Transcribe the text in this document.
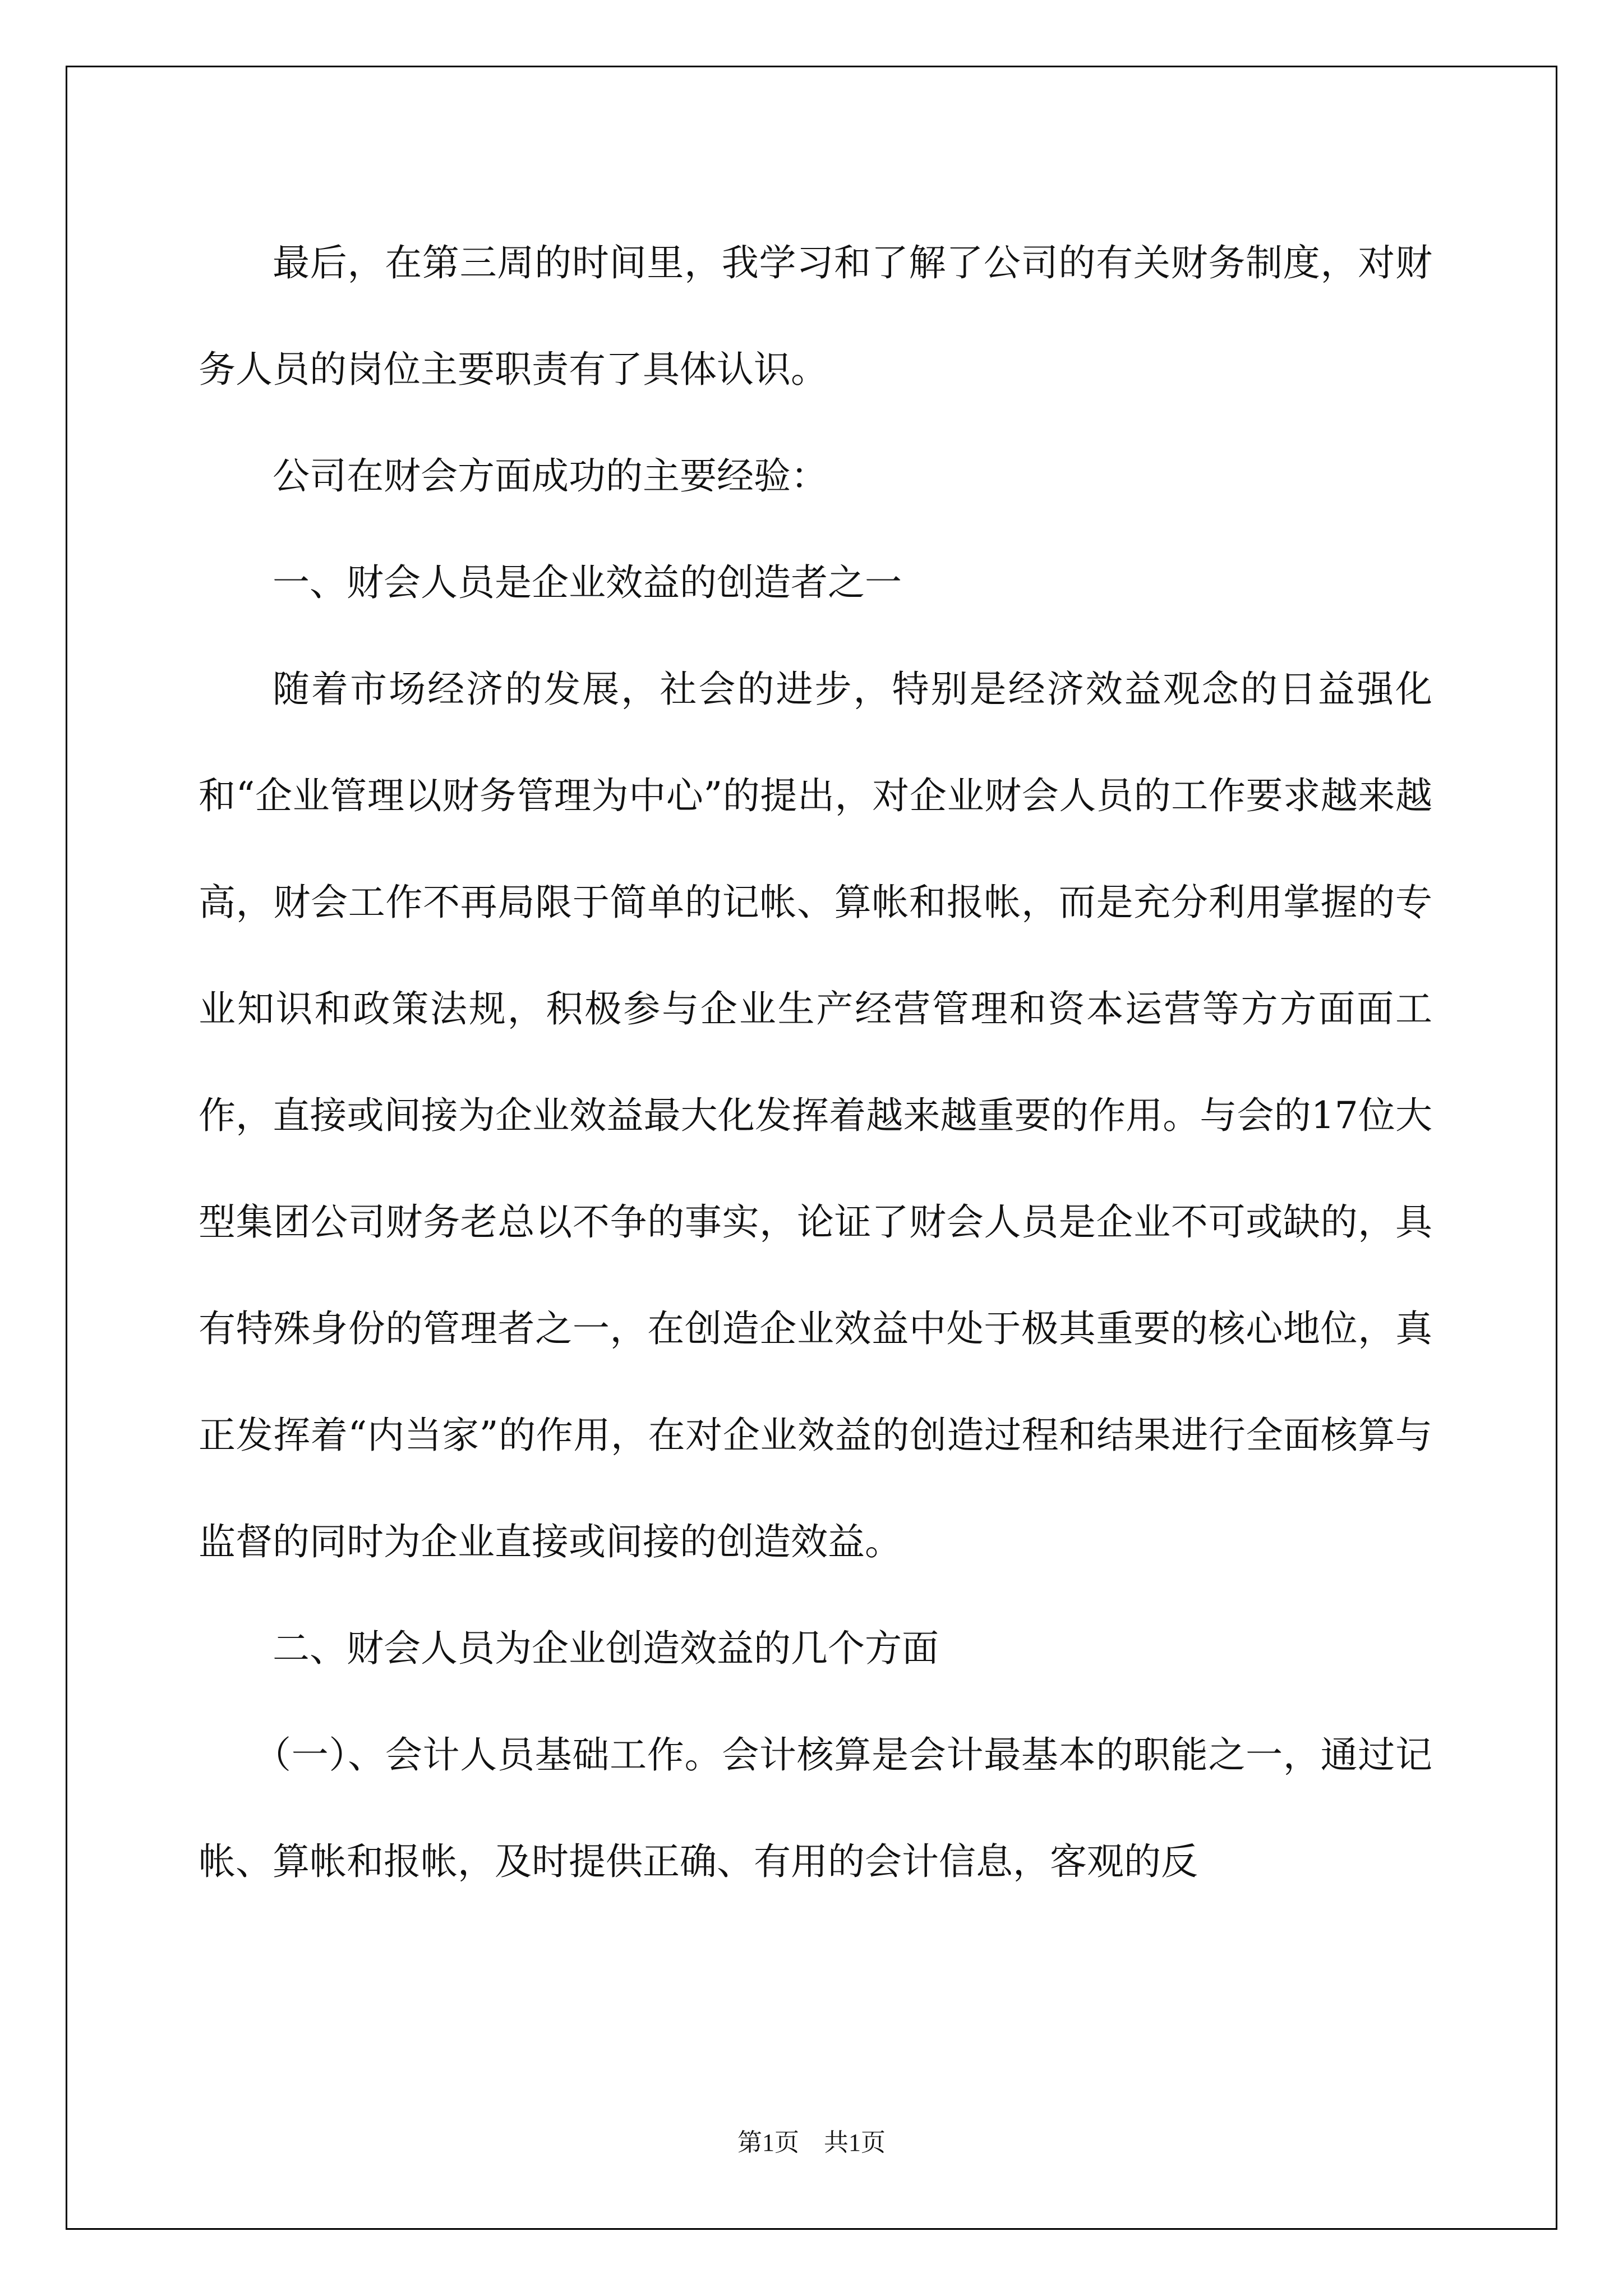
最后，在第三周的时间里，我学习和了解了公司的有关财务制度，对财务人员的岗位主要职责有了具体认识。

公司在财会方面成功的主要经验：

一、财会人员是企业效益的创造者之一

随着市场经济的发展，社会的进步，特别是经济效益观念的日益强化和“企业管理以财务管理为中心”的提出，对企业财会人员的工作要求越来越高，财会工作不再局限于简单的记帐、算帐和报帐，而是充分利用掌握的专业知识和政策法规，积极参与企业生产经营管理和资本运营等方方面面工作，直接或间接为企业效益最大化发挥着越来越重要的作用。与会的17位大型集团公司财务老总以不争的事实，论证了财会人员是企业不可或缺的，具有特殊身份的管理者之一，在创造企业效益中处于极其重要的核心地位，真正发挥着“内当家”的作用，在对企业效益的创造过程和结果进行全面核算与监督的同时为企业直接或间接的创造效益。

二、财会人员为企业创造效益的几个方面

（一）、会计人员基础工作。会计核算是会计最基本的职能之一，通过记帐、算帐和报帐，及时提供正确、有用的会计信息，客观的反

第1页　共1页
